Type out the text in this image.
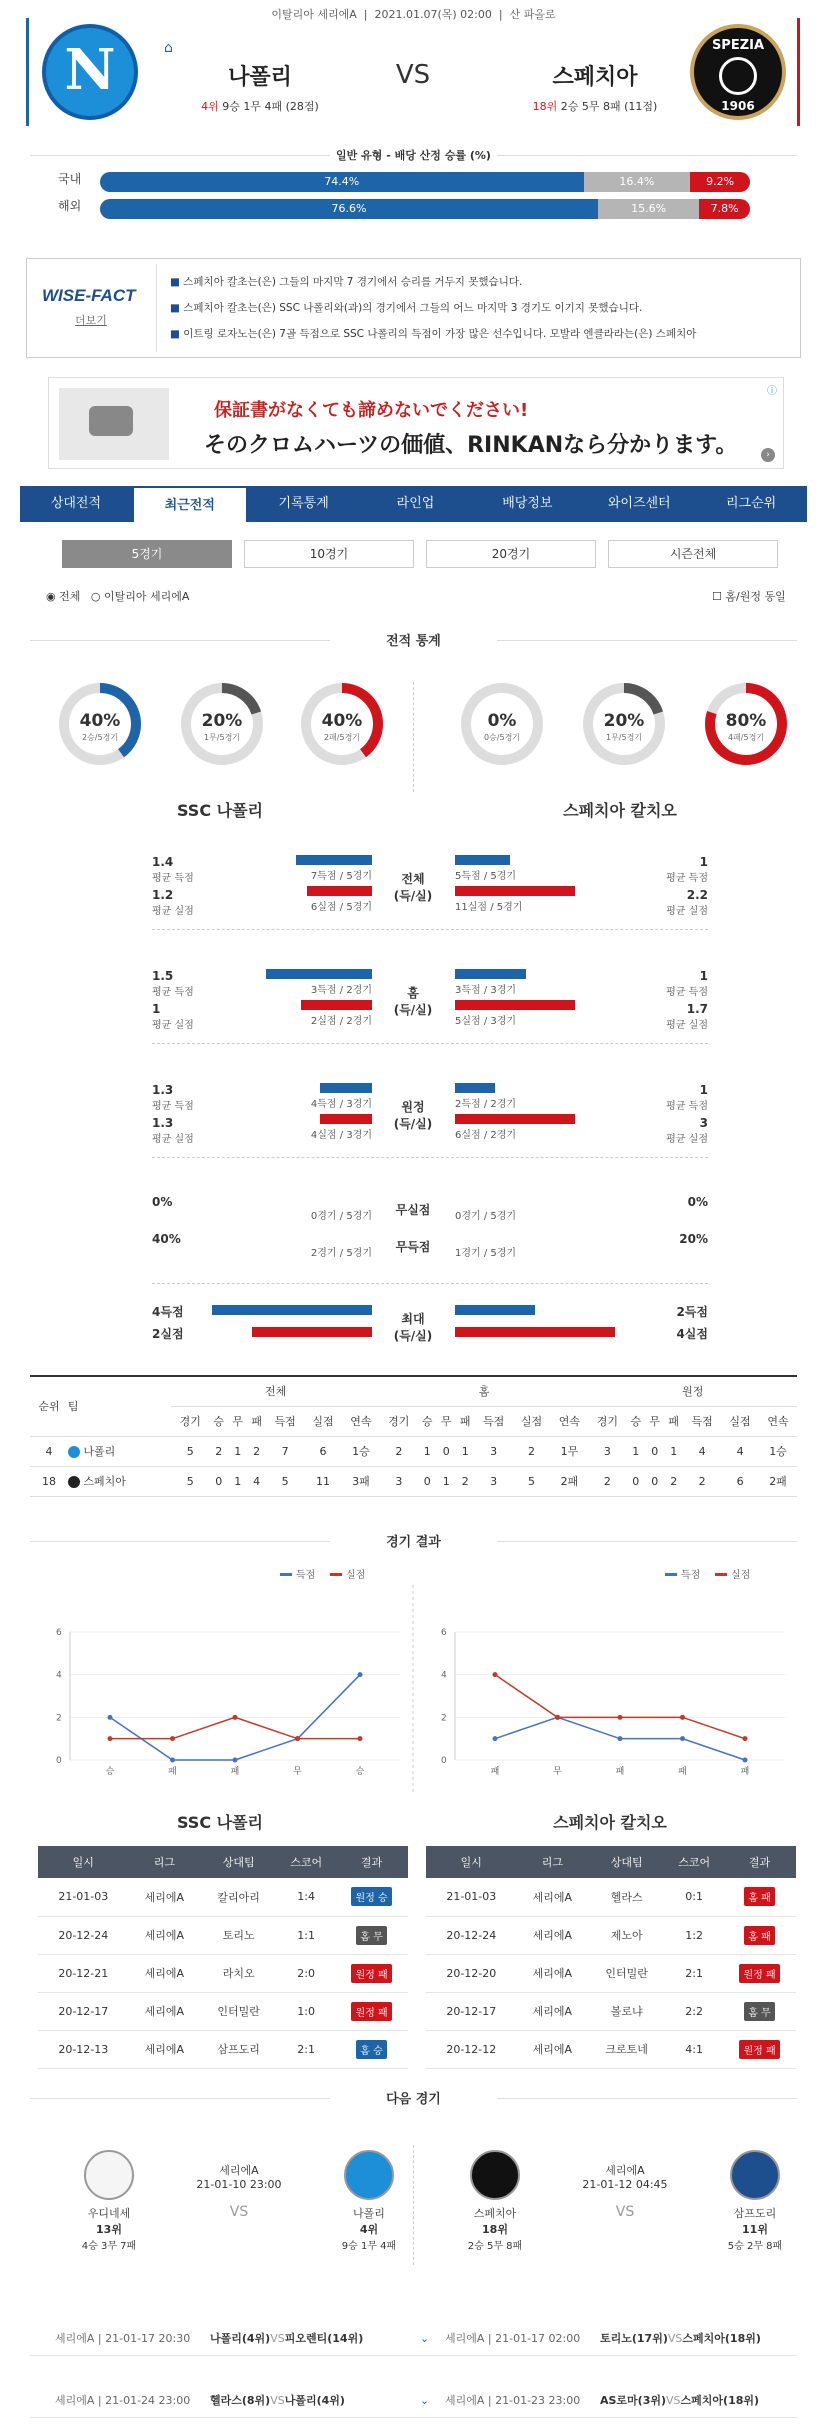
이탈리아 세리에A  |  2021.01.07(목) 02:00  |  산 파올로
N	⌂
나폴리
4위 9승 1무 4패 (28점)
VS	스페치아
18위 2승 5무 8패 (11점)
SPEZIA
1906
일반 유형 - 배당 산정 승률 (%)
WISE-FACT
더보기
保証書がなくても諦めないでください!
そのクロムハーツの価値、RINKANなら分かります。
ⓘ
›
상대전적	최근전적	기록통계	라인업	배당정보	와이즈센터	리그순위
◉ 전체 ○ 이탈리아 세리에A	☐ 홈/원정 동일
전적 통계
SSC 나폴리	스페치아 칼치오
순위	팀	전체							홈							원정						
		경기	승	무	패	득점	실점	연속	경기	승	무	패	득점	실점	연속	경기	승	무	패	득점	실점	연속
4	나폴리	5	2	1	2	7	6	1승	2	1	0	1	3	2	1무	3	1	0	1	4	4	1승
18	스페치아	5	0	1	4	5	11	3패	3	0	1	2	3	5	2패	2	0	0	2	2	6	2패
경기 결과
6
4
2
0
승	패	패	무	승
득점	실점
6
4
2
0
패	무	패	패	패
득점	실점
SSC 나폴리	스페치아 칼치오
일시	리그	상대팀	스코어	결과
21-01-03	세리에A	칼리아리	1:4	원정 승
20-12-24	세리에A	토리노	1:1	홈 무
20-12-21	세리에A	라치오	2:0	원정 패
20-12-17	세리에A	인터밀란	1:0	원정 패
20-12-13	세리에A	삼프도리	2:1	홈 승
일시	리그	상대팀	스코어	결과
21-01-03	세리에A	헬라스	0:1	홈 패
20-12-24	세리에A	제노아	1:2	홈 패
20-12-20	세리에A	인터밀란	2:1	원정 패
20-12-17	세리에A	볼로냐	2:2	홈 무
20-12-12	세리에A	크로토네	4:1	원정 패
다음 경기
국내	74.4%	16.4%	9.2%
해외	76.6%	15.6%	7.8%
■ 스페치아 칼초는(은) 그들의 마지막 7 경기에서 승리를 거두지 못했습니다.
■ 스페치아 칼초는(은) SSC 나폴리와(과)의 경기에서 그들의 어느 마지막 3 경기도 이기지 못했습니다.
■ 이트링 로자노는(은) 7골 득점으로 SSC 나폴리의 득점이 가장 많은 선수입니다. 모발라 엔클라라는(은) 스페치아
5경기	10경기	20경기	시즌전체
40%
2승/5경기
20%
1무/5경기
40%
2패/5경기
0%
0승/5경기
20%
1무/5경기
80%
4패/5경기
1.4
평균 득점
1.2
평균 실점
7득점 / 5경기
6실점 / 5경기
전체
(득/실)
5득점 / 5경기
11실점 / 5경기
1
평균 득점
2.2
평균 실점
1.5
평균 득점
1
평균 실점
3득점 / 2경기
2실점 / 2경기
홈
(득/실)
3득점 / 3경기
5실점 / 3경기
1
평균 득점
1.7
평균 실점
1.3
평균 득점
1.3
평균 실점
4득점 / 3경기
4실점 / 3경기
원정
(득/실)
2득점 / 2경기
6실점 / 2경기
1
평균 득점
3
평균 실점
0%
0경기 / 5경기	무실점	0경기 / 5경기
0%
40%
2경기 / 5경기	무득점	1경기 / 5경기
20%
4득점
2실점
최대
(득/실)
2득점
4실점
우디네세
13위
4승 3무 7패
세리에A
21-01-10 23:00

VS	나폴리
4위
9승 1무 4패
스페치아
18위
2승 5무 8패
세리에A
21-01-12 04:45

VS	삼프도리
11위
5승 2무 8패
세리에A | 21-01-17 20:30 나폴리(4위)VS피오렌티(14위)	⌄ 세리에A | 21-01-17 02:00 토리노(17위)VS스페치아(18위)
세리에A | 21-01-24 23:00 헬라스(8위)VS나폴리(4위)	⌄ 세리에A | 21-01-23 23:00 AS로마(3위)VS스페치아(18위)
